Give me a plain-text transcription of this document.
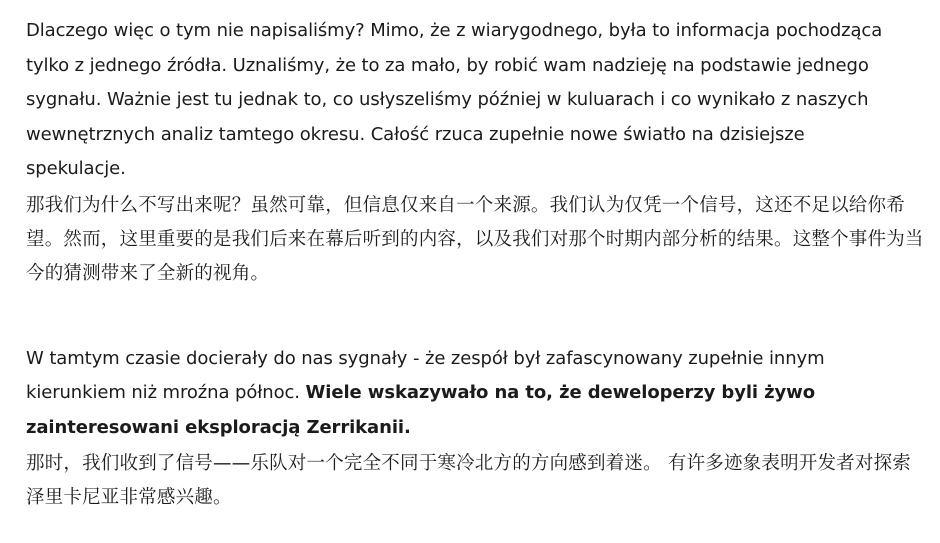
Dlaczego więc o tym nie napisaliśmy? Mimo, że z wiarygodnego, była to informacja pochodząca tylko z jednego źródła. Uznaliśmy, że to za mało, by robić wam nadzieję na podstawie jednego sygnału. Ważnie jest tu jednak to, co usłyszeliśmy później w kuluarach i co wynikało z naszych wewnętrznych analiz tamtego okresu. Całość rzuca zupełnie nowe światło na dzisiejsze spekulacje.

那我们为什么不写出来呢？虽然可靠，但信息仅来自一个来源。我们认为仅凭一个信号，这还不足以给你希望。然而，这里重要的是我们后来在幕后听到的内容，以及我们对那个时期内部分析的结果。这整个事件为当今的猜测带来了全新的视角。

W tamtym czasie docierały do nas sygnały - że zespół był zafascynowany zupełnie innym kierunkiem niż mroźna północ. Wiele wskazywało na to, że deweloperzy byli żywo zainteresowani eksploracją Zerrikanii.

那时，我们收到了信号——乐队对一个完全不同于寒冷北方的方向感到着迷。 有许多迹象表明开发者对探索泽里卡尼亚非常感兴趣。
